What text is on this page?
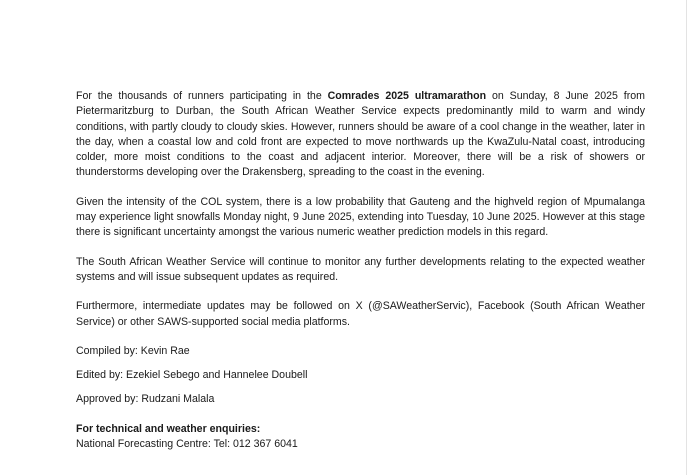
For the thousands of runners participating in the Comrades 2025 ultramarathon on Sunday, 8 June 2025 from Pietermaritzburg to Durban, the South African Weather Service expects predominantly mild to warm and windy conditions, with partly cloudy to cloudy skies. However, runners should be aware of a cool change in the weather, later in the day, when a coastal low and cold front are expected to move northwards up the KwaZulu-Natal coast, introducing colder, more moist conditions to the coast and adjacent interior. Moreover, there will be a risk of showers or thunderstorms developing over the Drakensberg, spreading to the coast in the evening.

Given the intensity of the COL system, there is a low probability that Gauteng and the highveld region of Mpumalanga may experience light snowfalls Monday night, 9 June 2025, extending into Tuesday, 10 June 2025. However at this stage there is significant uncertainty amongst the various numeric weather prediction models in this regard.

The South African Weather Service will continue to monitor any further developments relating to the expected weather systems and will issue subsequent updates as required.

Furthermore, intermediate updates may be followed on X (@SAWeatherServic), Facebook (South African Weather Service) or other SAWS-supported social media platforms.

Compiled by: Kevin Rae

Edited by: Ezekiel Sebego and Hannelee Doubell

Approved by: Rudzani Malala

For technical and weather enquiries:

National Forecasting Centre: Tel: 012 367 6041
